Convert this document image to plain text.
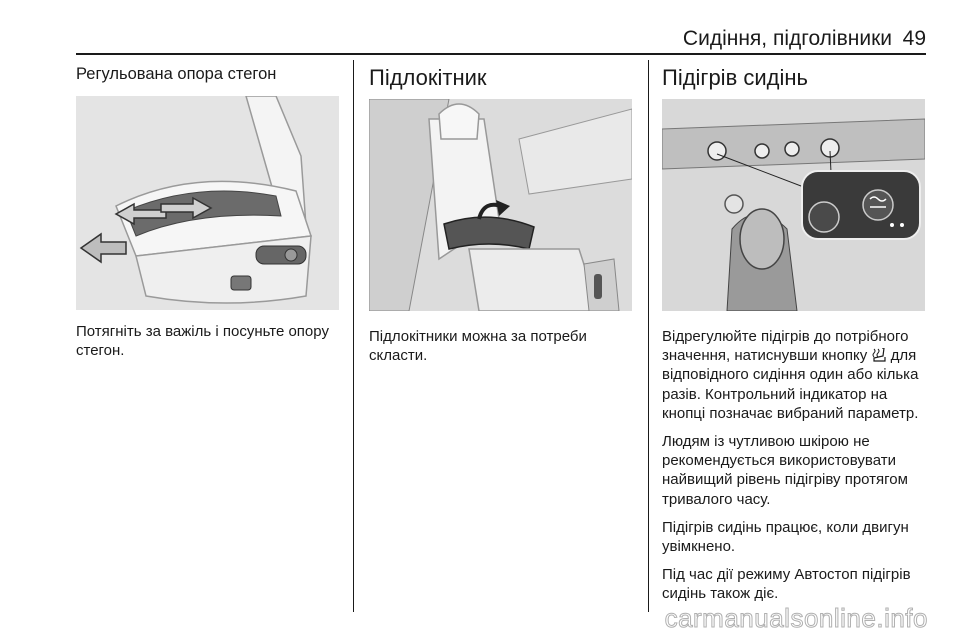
Сидіння, підголівники 49
Регульована опора стегон

Потягніть за важіль і посуньте опору стегон.

Підлокітник

Підлокітники можна за потреби скласти.

Підігрів сидінь

Відрегулюйте підігрів до потрібного значення, натиснувши кнопку для відповідного сидіння один або кілька разів. Контрольний індикатор на кнопці позначає вибраний параметр.

Людям із чутливою шкірою не рекомендується використовувати найвищий рівень підігріву протягом тривалого часу.

Підігрів сидінь працює, коли двигун увімкнено.

Під час дії режиму Автостоп підігрів сидінь також діє.

carmanualsonline.info
